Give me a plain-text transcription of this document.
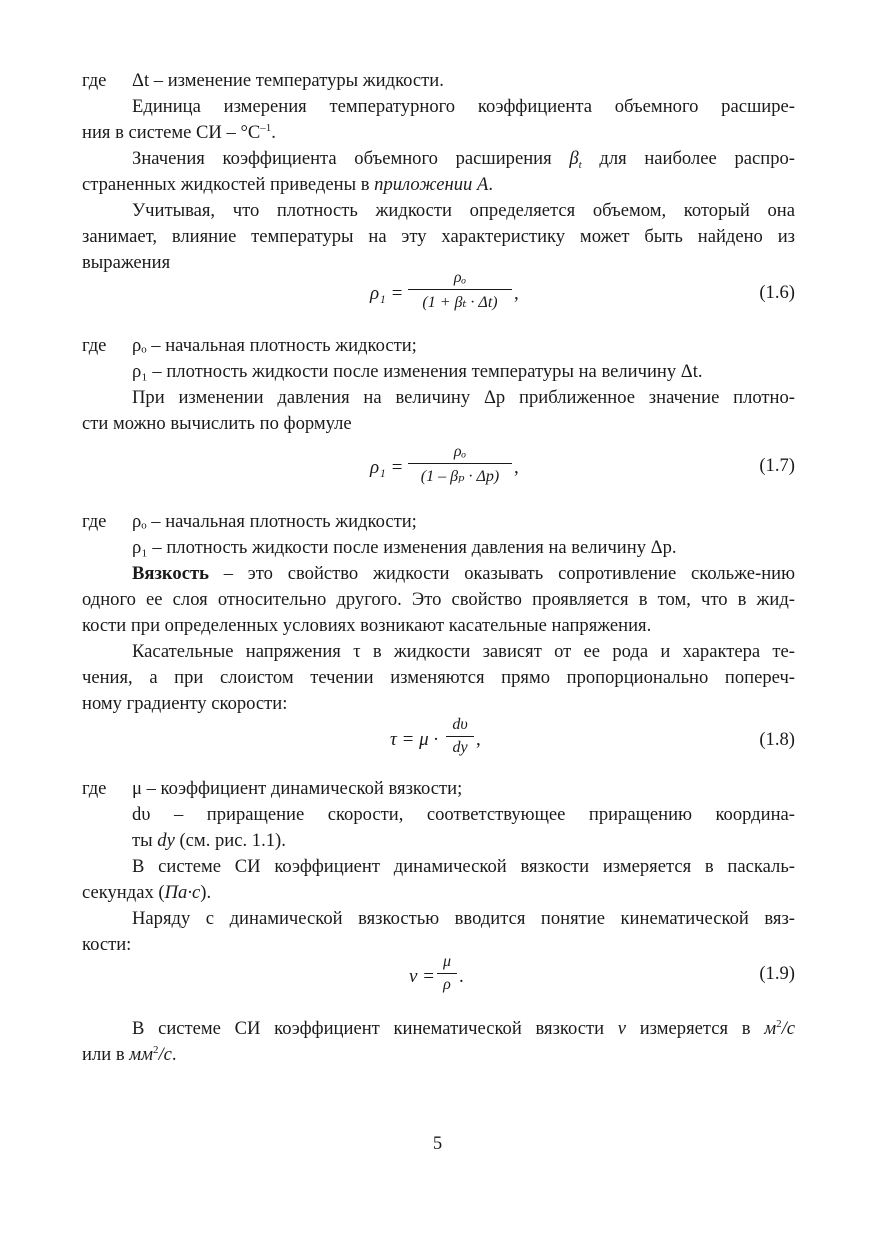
где Δt – изменение температуры жидкости.
Единица измерения температурного коэффициента объемного расшире-
ния в системе СИ – $^\circ C^{-1}$.
Значения коэффициента объемного расширения $\beta_t$ для наиболее распро-
страненных жидкостей приведены в приложении А.
Учитывая, что плотность жидкости определяется объемом, который она
занимает, влияние температуры на эту характеристику может быть найдено из
выражения
ρ₁ =
ρₒ
(1 + βₜ · Δt) ,	(1.6)
где ρₒ – начальная плотность жидкости;
ρ₁ – плотность жидкости после изменения температуры на величину Δt.
При изменении давления на величину Δp приближенное значение плотно-
сти можно вычислить по формуле
ρ₁ =
ρₒ
(1 – βₚ · Δp) ,	(1.7)
где ρₒ – начальная плотность жидкости;
ρ₁ – плотность жидкости после изменения давления на величину Δp.
Вязкость – это свойство жидкости оказывать сопротивление скольже-нию
одного ее слоя относительно другого. Это свойство проявляется в том, что в жид-
кости при определенных условиях возникают касательные напряжения.
Касательные напряжения τ в жидкости зависят от ее рода и характера те-
чения, а при слоистом течении изменяются прямо пропорционально попереч-
ному градиенту скорости:
τ = μ ·
dυ
dy ,	(1.8)
где μ – коэффициент динамической вязкости;
dυ – приращение скорости, соответствующее приращению координа-
ты dy (см. рис. 1.1).
В системе СИ коэффициент динамической вязкости измеряется в паскаль-
секундах (Па·с).
Наряду с динамической вязкостью вводится понятие кинематической вяз-
кости:
ν =
μ
ρ .	(1.9)
В системе СИ коэффициент кинематической вязкости ν измеряется в $м^2/с$
или в $мм^2/с$.
5
